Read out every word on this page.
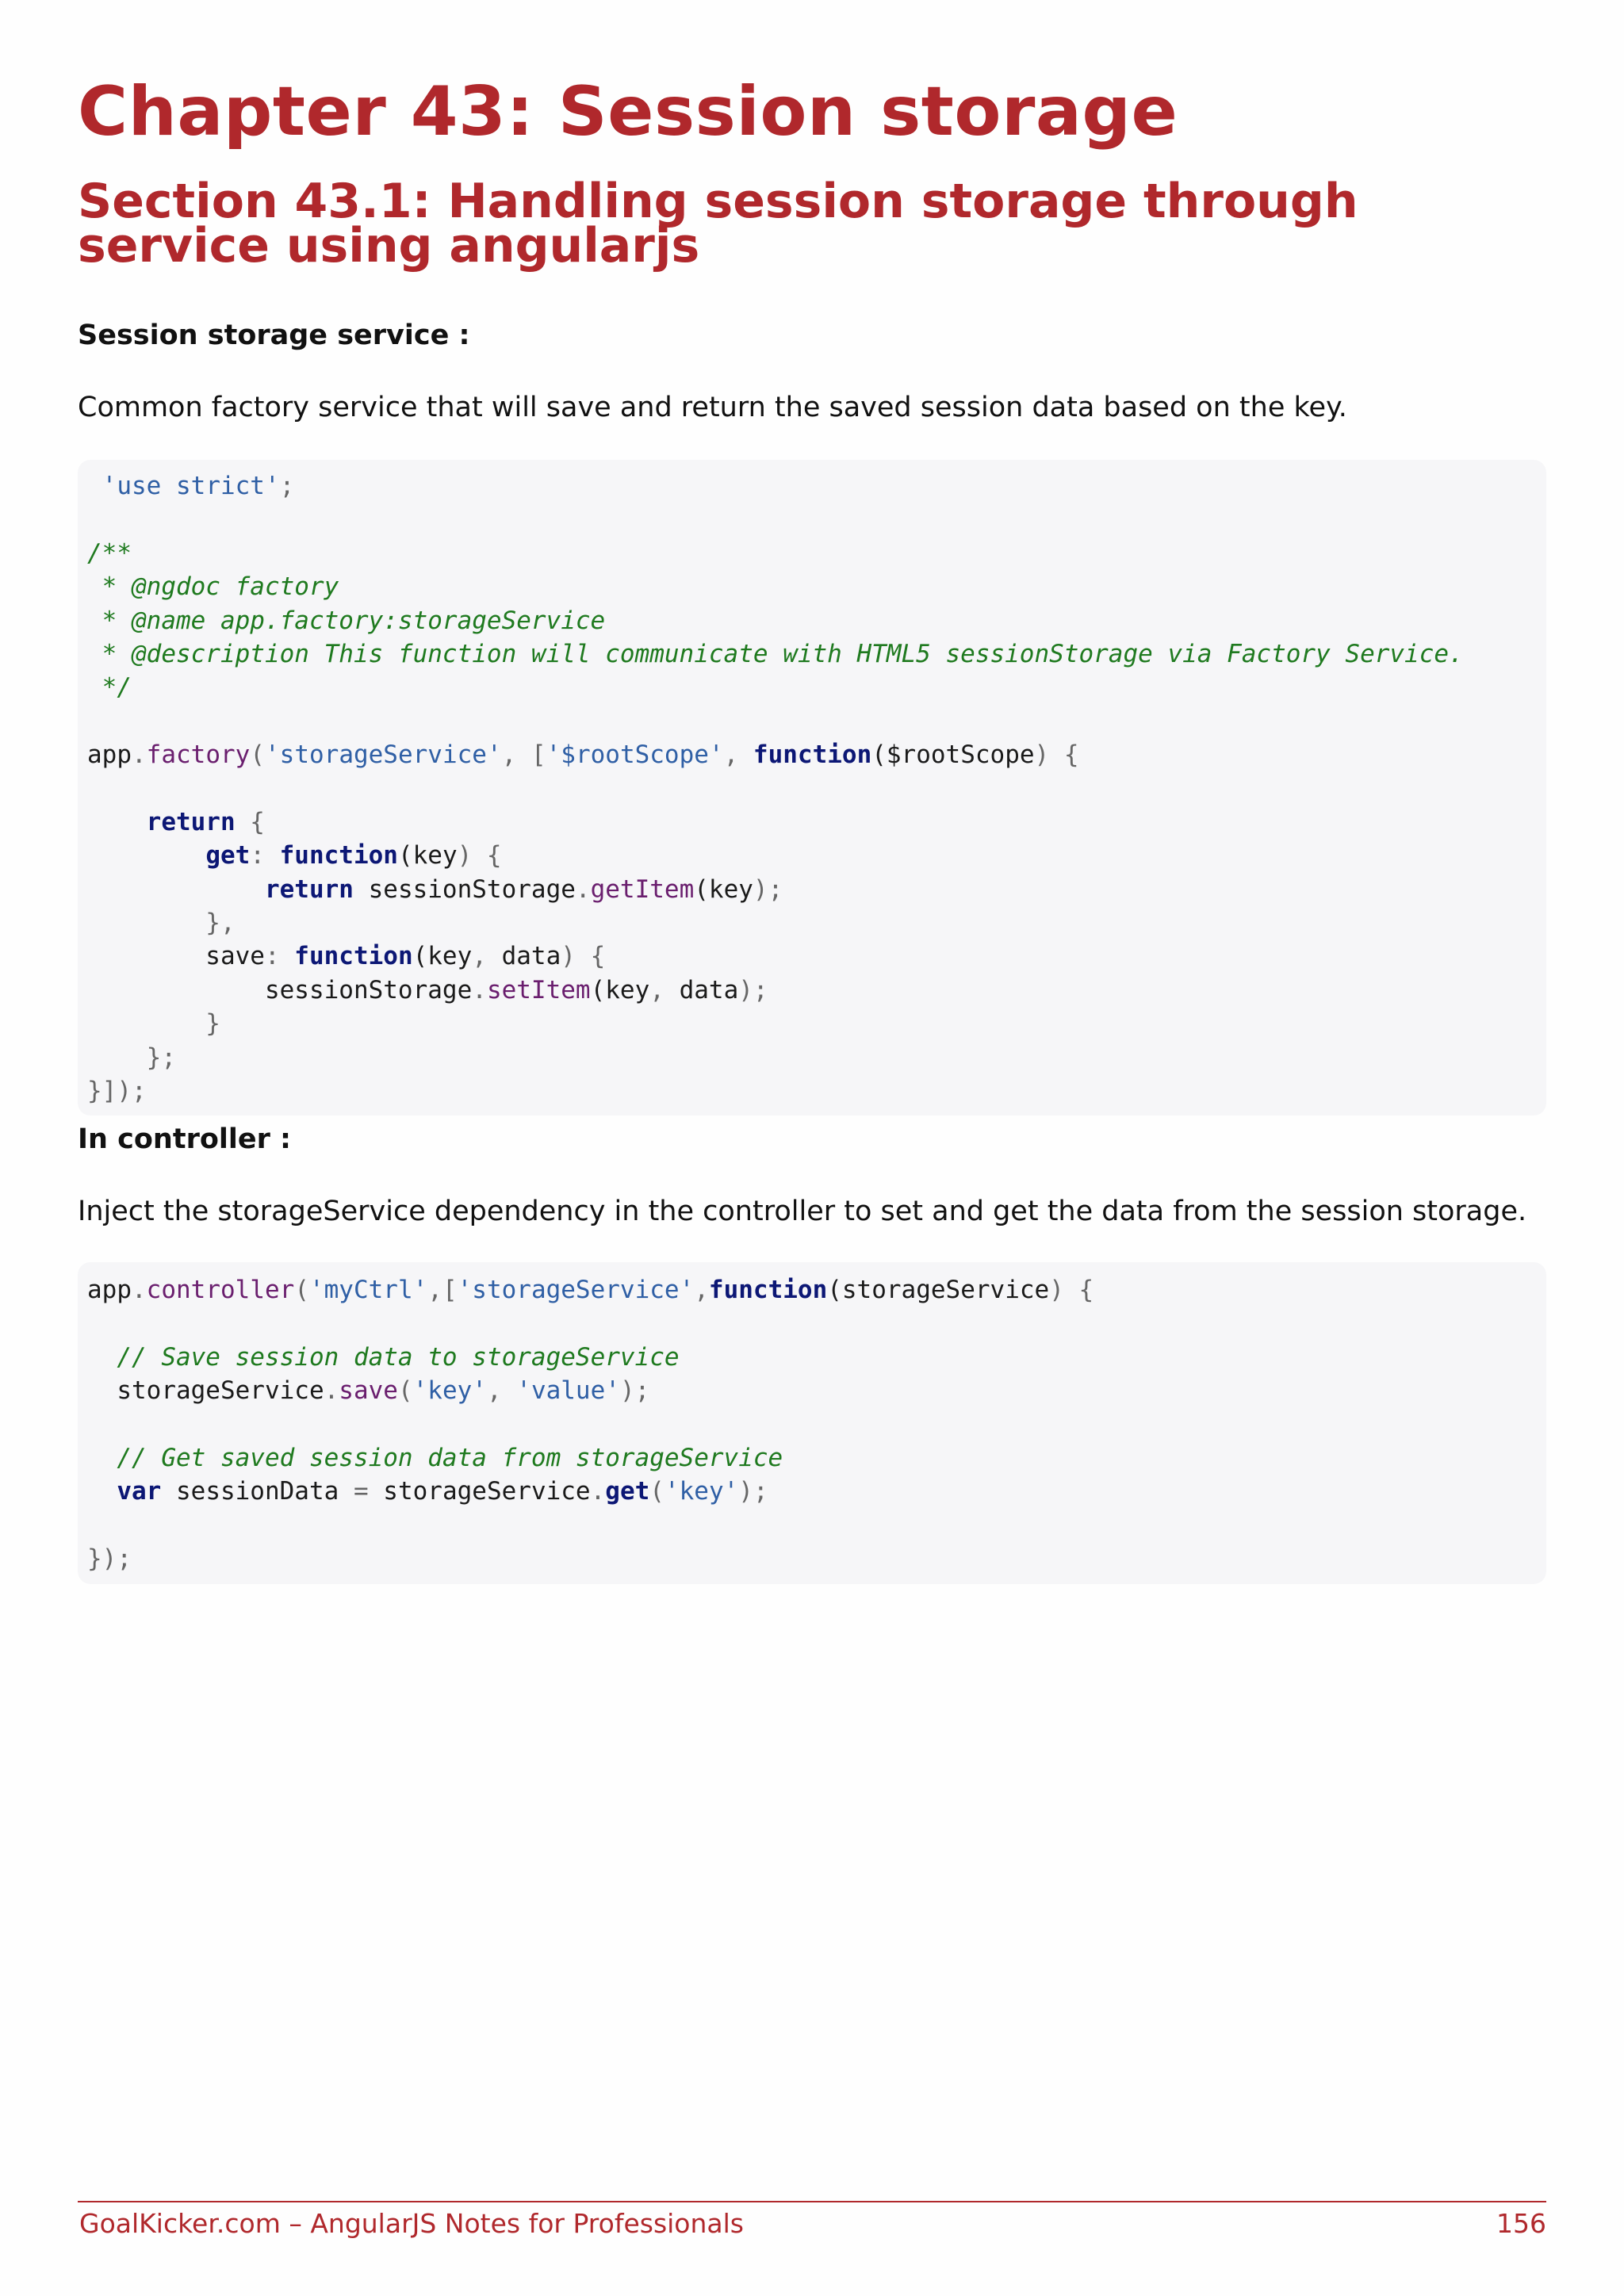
Chapter 43: Session storage
Section 43.1: Handling session storage through service using angularjs

Session storage service :

Common factory service that will save and return the saved session data based on the key.

'use strict';
/**
* @ngdoc factory
* @name app.factory:storageService
* @description This function will communicate with HTML5 sessionStorage via Factory Service.
*/
app.factory('storageService', ['$rootScope', function($rootScope) {
return {
get: function(key) {
return sessionStorage.getItem(key);
},
save: function(key, data) {
sessionStorage.setItem(key, data);
}
};
}]);

In controller :

Inject the storageService dependency in the controller to set and get the data from the session storage.

app.controller('myCtrl',['storageService',function(storageService) {
// Save session data to storageService
storageService.save('key', 'value');
// Get saved session data from storageService
var sessionData = storageService.get('key');
});
GoalKicker.com – AngularJS Notes for Professionals	156
